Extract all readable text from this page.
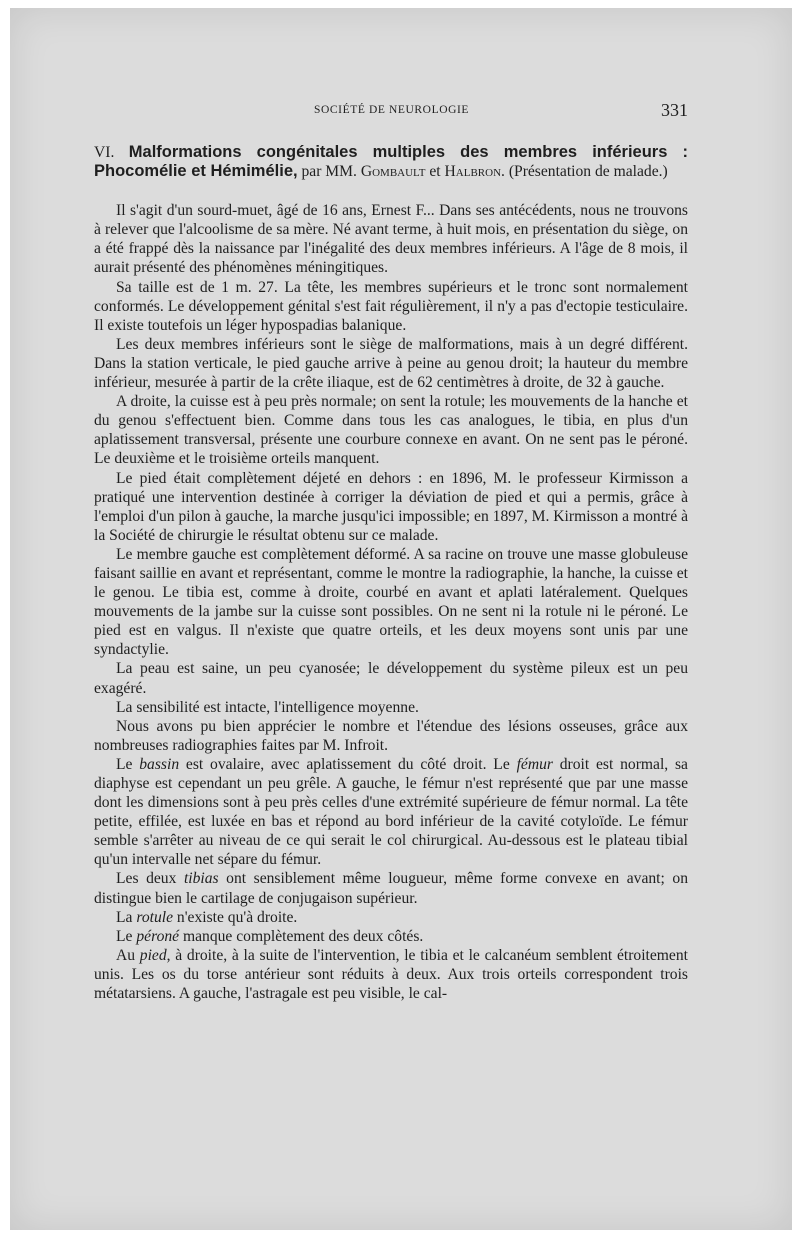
SOCIÉTÉ DE NEUROLOGIE	331

VI. Malformations congénitales multiples des membres inférieurs : Phocomélie et Hémimélie, par MM. Gombault et Halbron. (Présentation de malade.)

Il s'agit d'un sourd-muet, âgé de 16 ans, Ernest F... Dans ses antécédents, nous ne trouvons à relever que l'alcoolisme de sa mère. Né avant terme, à huit mois, en présentation du siège, on a été frappé dès la naissance par l'inégalité des deux membres inférieurs. A l'âge de 8 mois, il aurait présenté des phénomènes méningitiques.

Sa taille est de 1 m. 27. La tête, les membres supérieurs et le tronc sont normalement conformés. Le développement génital s'est fait régulièrement, il n'y a pas d'ectopie testiculaire. Il existe toutefois un léger hypospadias balanique.

Les deux membres inférieurs sont le siège de malformations, mais à un degré différent. Dans la station verticale, le pied gauche arrive à peine au genou droit; la hauteur du membre inférieur, mesurée à partir de la crête iliaque, est de 62 centimètres à droite, de 32 à gauche.

A droite, la cuisse est à peu près normale; on sent la rotule; les mouvements de la hanche et du genou s'effectuent bien. Comme dans tous les cas analogues, le tibia, en plus d'un aplatissement transversal, présente une courbure connexe en avant. On ne sent pas le péroné. Le deuxième et le troisième orteils manquent.

Le pied était complètement déjeté en dehors : en 1896, M. le professeur Kirmisson a pratiqué une intervention destinée à corriger la déviation de pied et qui a permis, grâce à l'emploi d'un pilon à gauche, la marche jusqu'ici impossible; en 1897, M. Kirmisson a montré à la Société de chirurgie le résultat obtenu sur ce malade.

Le membre gauche est complètement déformé. A sa racine on trouve une masse globuleuse faisant saillie en avant et représentant, comme le montre la radiographie, la hanche, la cuisse et le genou. Le tibia est, comme à droite, courbé en avant et aplati latéralement. Quelques mouvements de la jambe sur la cuisse sont possibles. On ne sent ni la rotule ni le péroné. Le pied est en valgus. Il n'existe que quatre orteils, et les deux moyens sont unis par une syndactylie.

La peau est saine, un peu cyanosée; le développement du système pileux est un peu exagéré.

La sensibilité est intacte, l'intelligence moyenne.

Nous avons pu bien apprécier le nombre et l'étendue des lésions osseuses, grâce aux nombreuses radiographies faites par M. Infroit.

Le bassin est ovalaire, avec aplatissement du côté droit. Le fémur droit est normal, sa diaphyse est cependant un peu grêle. A gauche, le fémur n'est représenté que par une masse dont les dimensions sont à peu près celles d'une extrémité supérieure de fémur normal. La tête petite, effilée, est luxée en bas et répond au bord inférieur de la cavité cotyloïde. Le fémur semble s'arrêter au niveau de ce qui serait le col chirurgical. Au-dessous est le plateau tibial qu'un intervalle net sépare du fémur.

Les deux tibias ont sensiblement même lougueur, même forme convexe en avant; on distingue bien le cartilage de conjugaison supérieur.

La rotule n'existe qu'à droite.

Le péroné manque complètement des deux côtés.

Au pied, à droite, à la suite de l'intervention, le tibia et le calcanéum semblent étroitement unis. Les os du torse antérieur sont réduits à deux. Aux trois orteils correspondent trois métatarsiens. A gauche, l'astragale est peu visible, le cal-
